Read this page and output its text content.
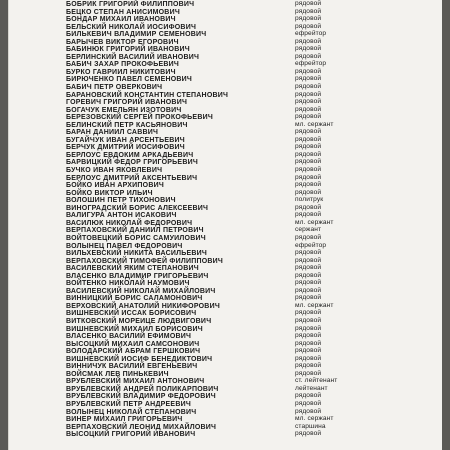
БОБРИК ГРИГОРИЙ ФИЛИППОВИЧ	рядовой
БЕЦКО СТЕПАН АНИСИМОВИЧ	рядовой
БОНДАР МИХАИЛ ИВАНОВИЧ	рядовой
БЕЛЬСКИЙ НИКОЛАЙ ИОСИФОВИЧ	рядовой
БИЛЬКЕВИЧ ВЛАДИМИР СЕМЕНОВИЧ	ефрейтор
БАРЫЧЕВ ВИКТОР ЕГОРОВИЧ	рядовой
БАБИНЮК ГРИГОРИЙ ИВАНОВИЧ	рядовой
БЕРЛИНСКИЙ ВАСИЛИЙ ИВАНОВИЧ	рядовой
БАБИЧ ЗАХАР ПРОКОФЬЕВИЧ	ефрейтор
БУРКО ГАВРИИЛ НИКИТОВИЧ	рядовой
БИРЮЧЕНКО ПАВЕЛ СЕМЕНОВИЧ	рядовой
БАБИЧ ПЕТР ОВЕРКОВИЧ	рядовой
БАРАНОВСКИЙ КОНСТАНТИН СТЕПАНОВИЧ	рядовой
ГОРЕВИЧ ГРИГОРИЙ ИВАНОВИЧ	рядовой
БОГАЧУК ЕМЕЛЬЯН ИЗОТОВИЧ	рядовой
БЕРЕЗОВСКИЙ СЕРГЕЙ ПРОКОФЬЕВИЧ	рядовой
БЕЛИНСКИЙ ПЕТР КАСЬЯНОВИЧ	мл. сержант
БАРАН ДАНИИЛ САВВИЧ	рядовой
БУГАЙЧУК ИВАН АРСЕНТЬЕВИЧ	рядовой
БЕРЧУК ДМИТРИЙ ИОСИФОВИЧ	рядовой
БЕРЛОУС ЕВДОКИМ АРКАДЬЕВИЧ	рядовой
БАРВИЦКИЙ ФЕДОР ГРИГОРЬЕВИЧ	рядовой
БУЧКО ИВАН ЯКОВЛЕВИЧ	рядовой
БЕРЛОУС ДМИТРИЙ АКСЕНТЬЕВИЧ	рядовой
БОЙКО ИВАН АРХИПОВИЧ	рядовой
БОЙКО ВИКТОР ИЛЬИЧ	рядовой
ВОЛОШИН ПЕТР ТИХОНОВИЧ	политрук
ВИНОГРАДСКИЙ БОРИС АЛЕКСЕЕВИЧ	рядовой
ВАЛИГУРА АНТОН ИСАКОВИЧ	рядовой
ВАСИЛЮК НИКОЛАЙ ФЕДОРОВИЧ	мл. сержант
ВЕРПАХОВСКИЙ ДАНИИЛ ПЕТРОВИЧ	сержант
ВОЙТОВЕЦКИЙ БОРИС САМУИЛОВИЧ	рядовой
ВОЛЫНЕЦ ПАВЕЛ ФЕДОРОВИЧ	ефрейтор
ВИЛЬХЕВСКИЙ НИКИТА ВАСИЛЬЕВИЧ	рядовой
ВЕРПАХОВСКИЙ ТИМОФЕЙ ФИЛИППОВИЧ	рядовой
ВАСИЛЕВСКИЙ ЯКИМ СТЕПАНОВИЧ	рядовой
ВЛАСЕНКО ВЛАДИМИР ГРИГОРЬЕВИЧ	рядовой
ВОЙТЕНКО НИКОЛАЙ НАУМОВИЧ	рядовой
ВАСИЛЕВСКИЙ НИКОЛАЙ МИХАЙЛОВИЧ	рядовой
ВИННИЦКИЙ БОРИС САЛАМОНОВИЧ	рядовой
ВЕРХОВСКИЙ АНАТОЛИЙ НИКИФОРОВИЧ	мл. сержант
ВИШНЕВСКИЙ ИССАК БОРИСОВИЧ	рядовой
ВИТКОВСКИЙ МОРЕИЦЕ ЛЮДВИГОВИЧ	рядовой
ВИШНЕВСКИЙ МИХАИЛ БОРИСОВИЧ	рядовой
ВЛАСЕНКО ВАСИЛИЙ ЕФИМОВИЧ	рядовой
ВЫСОЦКИЙ МИХАИЛ САМСОНОВИЧ	рядовой
ВОЛОДАРСКИЙ АБРАМ ГЕРШКОВИЧ	рядовой
ВИШНЕВСКИЙ ИОСИФ БЕНЕДИКТОВИЧ	рядовой
ВИННИЧУК ВАСИЛИЙ ЕВГЕНЬЕВИЧ	рядовой
ВОЙСМАК ЛЕВ ПИНЬКЕВИЧ	рядовой
ВРУБЛЕВСКИЙ МИХАИЛ АНТОНОВИЧ	ст. лейтенант
ВРУБЛЕВСКИЙ АНДРЕЙ ПОЛИКАРПОВИЧ	лейтенант
ВРУБЛЕВСКИЙ ВЛАДИМИР ФЕДОРОВИЧ	рядовой
ВРУБЛЕВСКИЙ ПЕТР АНДРЕЕВИЧ	рядовой
ВОЛЫНЕЦ НИКОЛАЙ СТЕПАНОВИЧ	рядовой
ВИНЕР МИХАИЛ ГРИГОРЬЕВИЧ	мл. сержант
ВЕРПАХОВСКИЙ ЛЕОНИД МИХАЙЛОВИЧ	старшина
ВЫСОЦКИЙ ГРИГОРИЙ ИВАНОВИЧ	рядовой
